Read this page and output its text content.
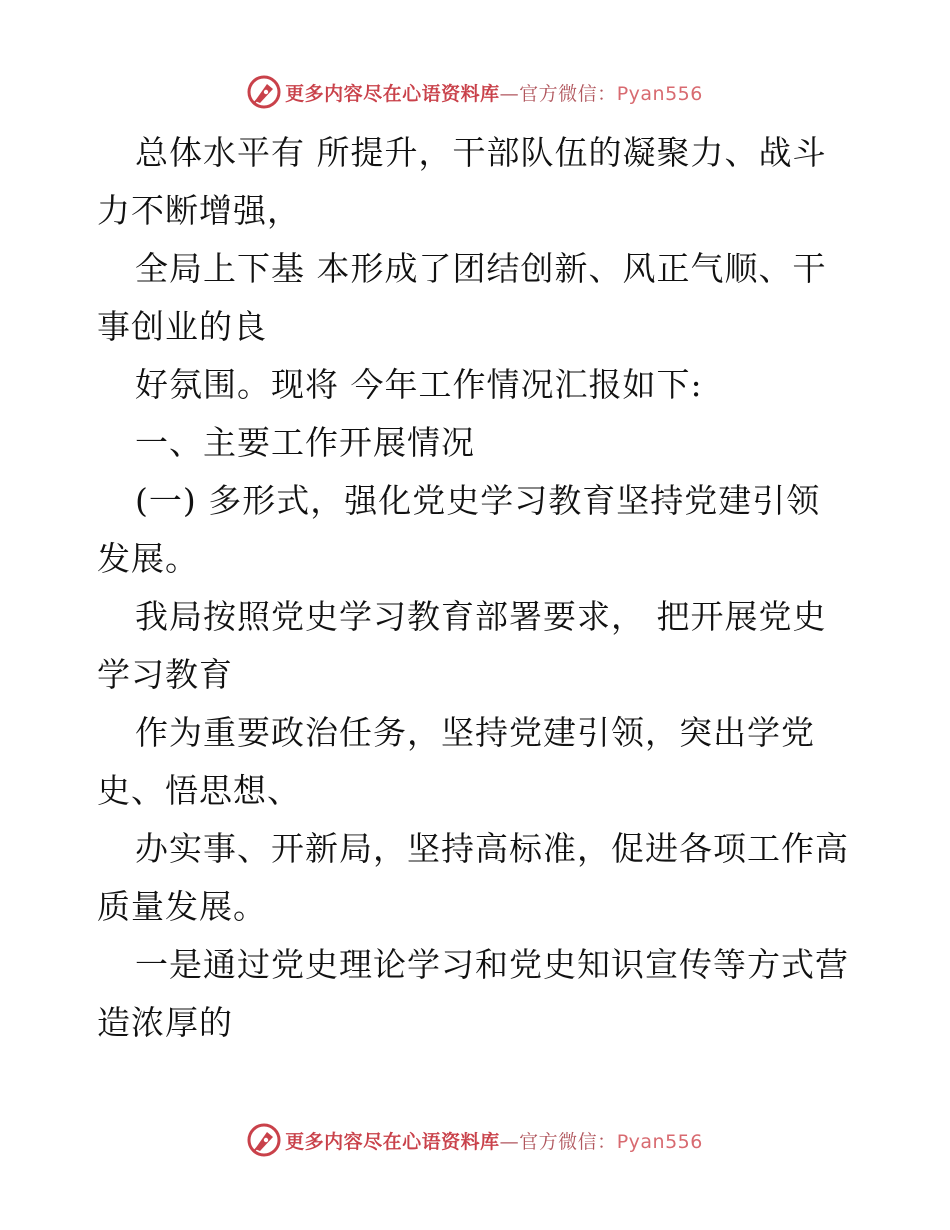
更多内容尽在心语资料库—官方微信：Pyan556
总体水平有 所提升，干部队伍的凝聚力、战斗
力不断增强，
全局上下基 本形成了团结创新、风正气顺、干
事创业的良
好氛围。现将 今年工作情况汇报如下:
一、主要工作开展情况
(一) 多形式，强化党史学习教育坚持党建引领
发展。
我局按照党史学习教育部署要求， 把开展党史
学习教育
作为重要政治任务，坚持党建引领，突出学党
史、悟思想、
办实事、开新局，坚持高标准，促进各项工作高
质量发展。
一是通过党史理论学习和党史知识宣传等方式营
造浓厚的
更多内容尽在心语资料库—官方微信：Pyan556
